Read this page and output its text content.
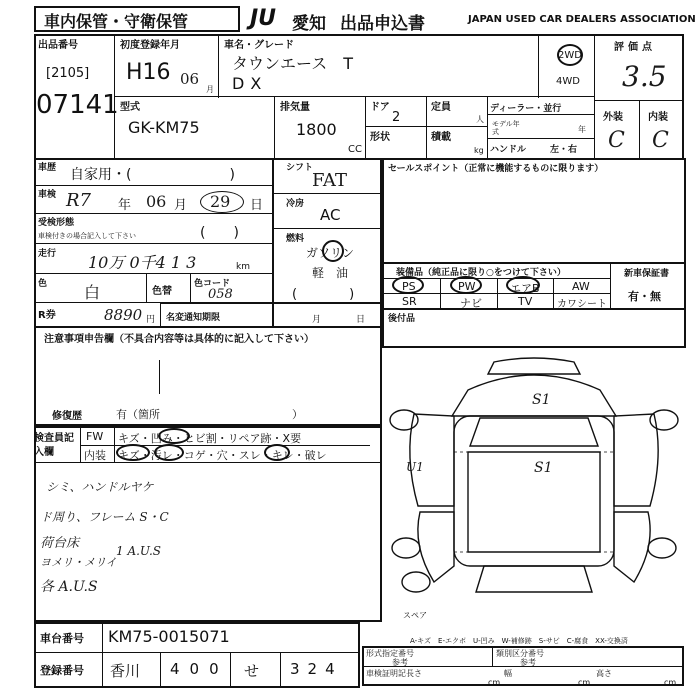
車内保管・守衛保管	JU 愛知 出品申込書	JAPAN USED CAR DEALERS ASSOCIATION
出品番号
[2105]
07141
初度登録年月
H16 06
月
車名・グレード
タウンエース　T
DX
2WD
4WD
評価点
3.5
外装	内装
C C
型式
GK-KM75
排気量
1800
CC
ドア
2
形状
定員
人
積載
kg
ディーラー・並行
モデル年式	年
ハンドル	左・右
車歴 自家用・(　　　　　　　)
車検 R7 年 06 月 29 日
受検形態
車検付きの場合記入して下さい	(　　)
走行 10万 0千4 1 3	km
色 白	色替
色コード
058
R券	8890 円 名変通知期限	月	日
シフト
FAT
冷房
AC
燃料
ガソリン
軽　油
(　　　　)
セールスポイント（正常に機能するものに限ります）
装備品（純正品に限り○をつけて下さい）
PS	PW	エアB	AW
SR	ナビ	TV カワシート
新車保証書
有・無
注意事項申告欄（不具合内容等は具体的に記入して下さい）
修復歴	有（箇所　　　　　　　　　　　　）
後付品
検査員記入欄
FW キズ・凹み・ヒビ割・リペア跡・X要
内装 キズ・汚レ・コゲ・穴・スレ・キレ・破レ
シミ、ハンドルヤケ
ド周り、フレーム S・C
荷台床
ヨメリ・メリイ
1 A.U.S
各 A.U.S
S1
U1	S1
スペア
A-キズ　E-エクボ　U-凹み　W-補修跡　S-サビ　C-腐食　XX-交換済
形式指定番号
参考
類別区分番号
参考
車検証明記 長さ
cm
幅
cm
高さ
cm
車台番号 KM75-0015071
登録番号 香川 400 せ 324
